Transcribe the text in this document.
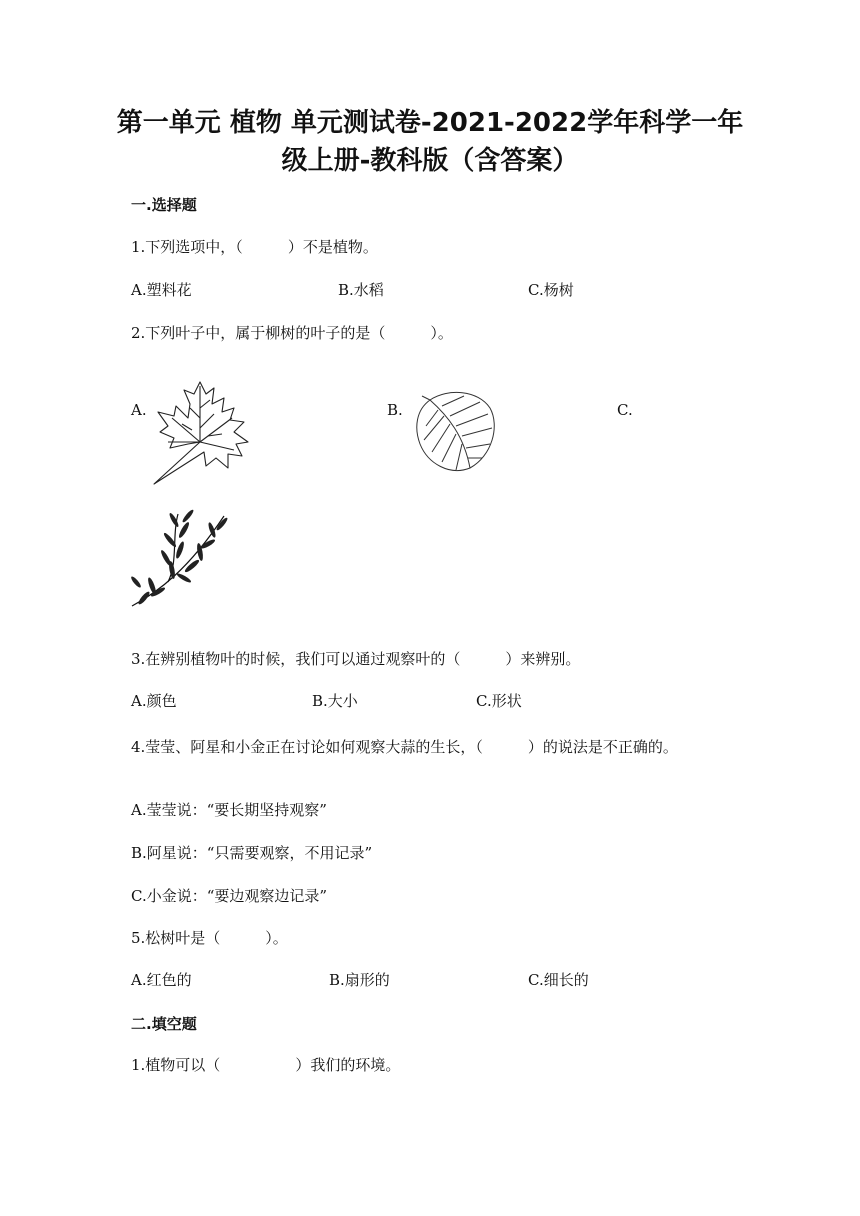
第一单元 植物 单元测试卷-2021-2022学年科学一年级上册-教科版（含答案）
一.选择题
1.下列选项中，（　　　）不是植物。
A.塑料花	B.水稻	C.杨树
2.下列叶子中，属于柳树的叶子的是（　　　）。
A.	B.	C.
3.在辨别植物叶的时候，我们可以通过观察叶的（　　　）来辨别。
A.颜色	B.大小	C.形状
4.莹莹、阿星和小金正在讨论如何观察大蒜的生长，（　　　）的说法是不正确的。
A.莹莹说：“要长期坚持观察”
B.阿星说：“只需要观察，不用记录”
C.小金说：“要边观察边记录”
5.松树叶是（　　　）。
A.红色的	B.扇形的	C.细长的
二.填空题
1.植物可以（　　　　　）我们的环境。
